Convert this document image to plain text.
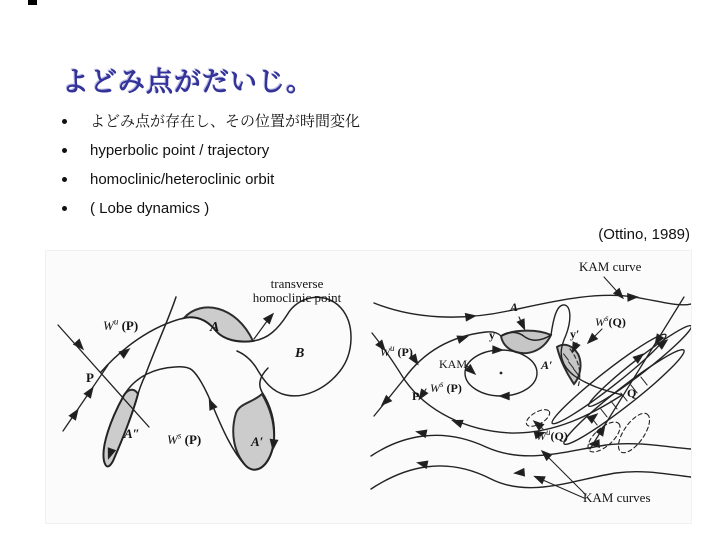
よどみ点がだいじ。
よどみ点が存在し、その位置が時間変化
hyperbolic point / trajectory
homoclinic/heteroclinic orbit
( Lobe dynamics )
(Ottino, 1989)
transverse
homoclinic point
$W^u$ (P)	A
B
P
A″ $W^s$ (P)	A′
KAM curve
A
y	y′
$W^s(Q)$
$W^u$ (P)
KAM
$W^s$ (P)
P
A′
Q
$W^u(Q)$
KAM curves
